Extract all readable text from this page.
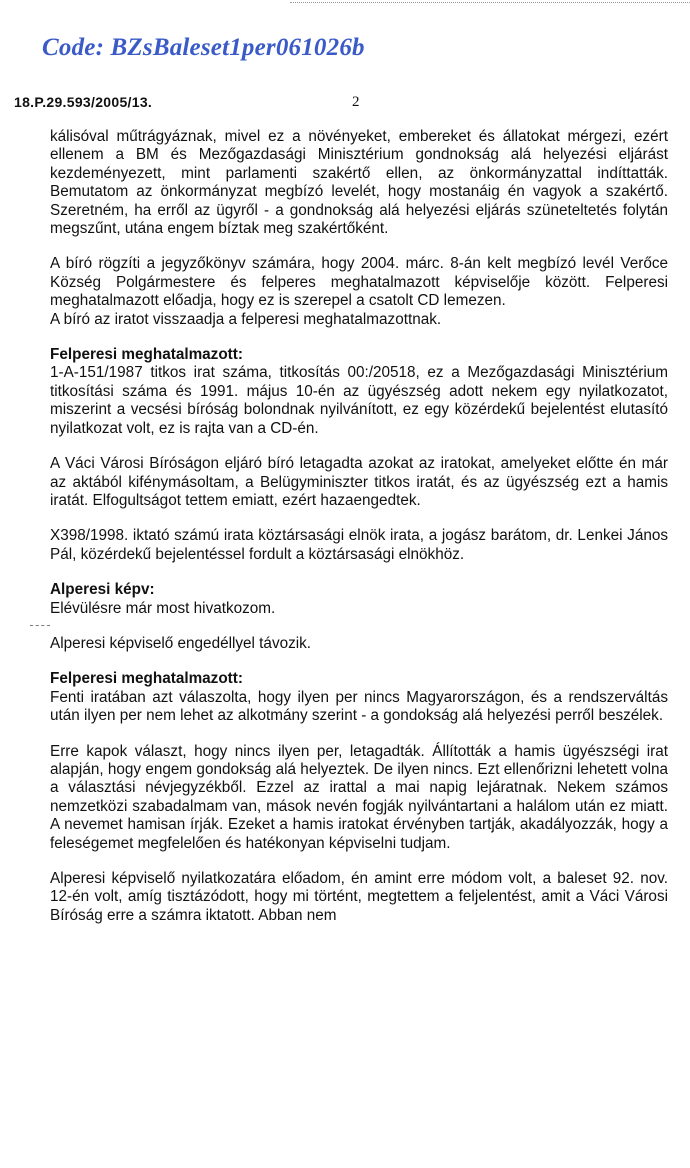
Code: BZsBaleset1per061026b
18.P.29.593/2005/13.	2

kálisóval műtrágyáznak, mivel ez a növényeket, embereket és állatokat mérgezi, ezért ellenem a BM és Mezőgazdasági Minisztérium gondnokság alá helyezési eljárást kezdeményezett, mint parlamenti szakértő ellen, az önkormányzattal indíttatták. Bemutatom az önkormányzat megbízó levelét, hogy mostanáig én vagyok a szakértő. Szeretném, ha erről az ügyről - a gondnokság alá helyezési eljárás szüneteltetés folytán megszűnt, utána engem bíztak meg szakértőként.

A bíró rögzíti a jegyzőkönyv számára, hogy 2004. márc. 8-án kelt megbízó levél Verőce Község Polgármestere és felperes meghatalmazott képviselője között. Felperesi meghatalmazott előadja, hogy ez is szerepel a csatolt CD lemezen.

A bíró az iratot visszaadja a felperesi meghatalmazottnak.

Felperesi meghatalmazott:

1-A-151/1987 titkos irat száma, titkosítás 00:/20518, ez a Mezőgazdasági Minisztérium titkosítási száma és 1991. május 10-én az ügyészség adott nekem egy nyilatkozatot, miszerint a vecsési bíróság bolondnak nyilvánított, ez egy közérdekű bejelentést elutasító nyilatkozat volt, ez is rajta van a CD-én.

A Váci Városi Bíróságon eljáró bíró letagadta azokat az iratokat, amelyeket előtte én már az aktából kifénymásoltam, a Belügyminiszter titkos iratát, és az ügyészség ezt a hamis iratát. Elfogultságot tettem emiatt, ezért hazaengedtek.

X398/1998. iktató számú irata köztársasági elnök irata, a jogász barátom, dr. Lenkei János Pál, közérdekű bejelentéssel fordult a köztársasági elnökhöz.

Alperesi képv:

Elévülésre már most hivatkozom.

Alperesi képviselő engedéllyel távozik.

Felperesi meghatalmazott:

Fenti iratában azt válaszolta, hogy ilyen per nincs Magyarországon, és a rendszerváltás után ilyen per nem lehet az alkotmány szerint - a gondokság alá helyezési perről beszélek.

Erre kapok választ, hogy nincs ilyen per, letagadták. Állították a hamis ügyészségi irat alapján, hogy engem gondokság alá helyeztek. De ilyen nincs. Ezt ellenőrizni lehetett volna a választási névjegyzékből. Ezzel az irattal a mai napig lejáratnak. Nekem számos nemzetközi szabadalmam van, mások nevén fogják nyilvántartani a halálom után ez miatt. A nevemet hamisan írják. Ezeket a hamis iratokat érvényben tartják, akadályozzák, hogy a feleségemet megfelelően és hatékonyan képviselni tudjam.

Alperesi képviselő nyilatkozatára előadom, én amint erre módom volt, a baleset 92. nov. 12-én volt, amíg tisztázódott, hogy mi történt, megtettem a feljelentést, amit a Váci Városi Bíróság erre a számra iktatott. Abban nem
